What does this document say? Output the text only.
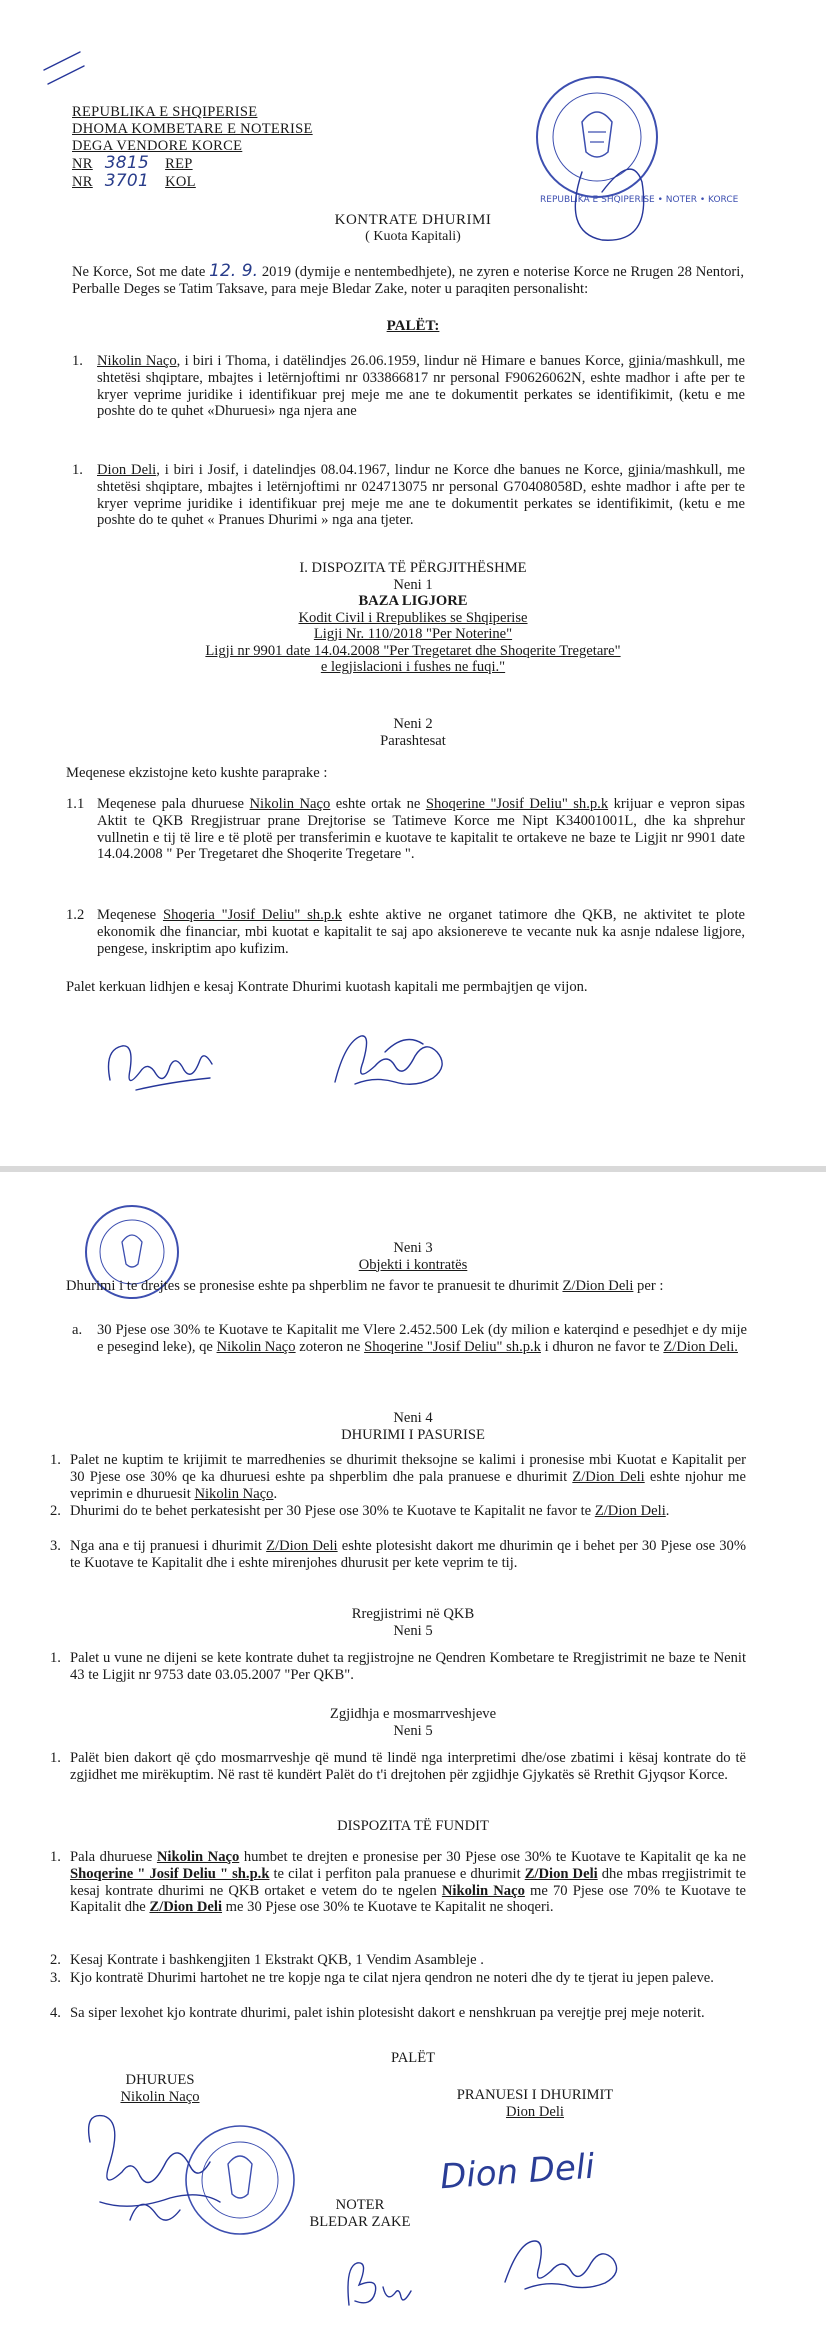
REPUBLIKA E SHQIPERISE
DHOMA KOMBETARE E NOTERISE
DEGA VENDORE KORCE
NR 3815 REP
NR 3701 KOL
REPUBLIKA E SHQIPERISE • NOTER • KORCE
KONTRATE DHURIMI
( Kuota Kapitali)
Ne Korce, Sot me date 12. 9. 2019 (dymije e nentembedhjete), ne zyren e noterise Korce ne Rrugen 28 Nentori, Perballe Deges se Tatim Taksave, para meje Bledar Zake, noter u paraqiten personalisht:
PALËT:
1. Nikolin Naço, i biri i Thoma, i datëlindjes 26.06.1959, lindur në Himare e banues Korce, gjinia/mashkull, me shtetësi shqiptare, mbajtes i letërnjoftimi nr 033866817 nr personal F90626062N, eshte madhor i afte per te kryer veprime juridike i identifikuar prej meje me ane te dokumentit perkates se identifikimit, (ketu e me poshte do te quhet «Dhuruesi» nga njera ane
1. Dion Deli, i biri i Josif, i datelindjes 08.04.1967, lindur ne Korce dhe banues ne Korce, gjinia/mashkull, me shtetësi shqiptare, mbajtes i letërnjoftimi nr 024713075 nr personal G70408058D, eshte madhor i afte per te kryer veprime juridike i identifikuar prej meje me ane te dokumentit perkates se identifikimit, (ketu e me poshte do te quhet « Pranues Dhurimi » nga ana tjeter.
I. DISPOZITA TË PËRGJITHËSHME
Neni 1
BAZA LIGJORE
Kodit Civil i Rrepublikes se Shqiperise
Ligji Nr. 110/2018 "Per Noterine"
Ligji nr 9901 date 14.04.2008 "Per Tregetaret dhe Shoqerite Tregetare"
e legjislacioni i fushes ne fuqi."
Neni 2
Parashtesat
Meqenese ekzistojne keto kushte paraprake :
1.1 Meqenese pala dhuruese Nikolin Naço eshte ortak ne Shoqerine "Josif Deliu" sh.p.k krijuar e vepron sipas Aktit te QKB Rregjistruar prane Drejtorise se Tatimeve Korce me Nipt K34001001L, dhe ka shprehur vullnetin e tij të lire e të plotë per transferimin e kuotave te kapitalit te ortakeve ne baze te Ligjit nr 9901 date 14.04.2008 " Per Tregetaret dhe Shoqerite Tregetare ".
1.2 Meqenese Shoqeria "Josif Deliu" sh.p.k eshte aktive ne organet tatimore dhe QKB, ne aktivitet te plote ekonomik dhe financiar, mbi kuotat e kapitalit te saj apo aksionereve te vecante nuk ka asnje ndalese ligjore, pengese, inskriptim apo kufizim.
Palet kerkuan lidhjen e kesaj Kontrate Dhurimi kuotash kapitali me permbajtjen qe vijon.
Neni 3
Objekti i kontratës
Dhurimi i te drejtes se pronesise eshte pa shperblim ne favor te pranuesit te dhurimit Z/Dion Deli per :
a. 30 Pjese ose 30% te Kuotave te Kapitalit me Vlere 2.452.500 Lek (dy milion e katerqind e pesedhjet e dy mije e pesegind leke), qe Nikolin Naço zoteron ne Shoqerine "Josif Deliu" sh.p.k i dhuron ne favor te Z/Dion Deli.
Neni 4
DHURIMI I PASURISE
1. Palet ne kuptim te krijimit te marredhenies se dhurimit theksojne se kalimi i pronesise mbi Kuotat e Kapitalit per 30 Pjese ose 30% qe ka dhuruesi eshte pa shperblim dhe pala pranuese e dhurimit Z/Dion Deli eshte njohur me veprimin e dhuruesit Nikolin Naço.
2. Dhurimi do te behet perkatesisht per 30 Pjese ose 30% te Kuotave te Kapitalit ne favor te Z/Dion Deli.
3. Nga ana e tij pranuesi i dhurimit Z/Dion Deli eshte plotesisht dakort me dhurimin qe i behet per 30 Pjese ose 30% te Kuotave te Kapitalit dhe i eshte mirenjohes dhurusit per kete veprim te tij.
Rregjistrimi në QKB
Neni 5
1. Palet u vune ne dijeni se kete kontrate duhet ta regjistrojne ne Qendren Kombetare te Rregjistrimit ne baze te Nenit 43 te Ligjit nr 9753 date 03.05.2007 "Per QKB".
Zgjidhja e mosmarrveshjeve
Neni 5
1. Palët bien dakort që çdo mosmarrveshje që mund të lindë nga interpretimi dhe/ose zbatimi i kësaj kontrate do të zgjidhet me mirëkuptim. Në rast të kundërt Palët do t'i drejtohen për zgjidhje Gjykatës së Rrethit Gjyqsor Korce.
DISPOZITA TË FUNDIT
1. Pala dhuruese Nikolin Naço humbet te drejten e pronesise per 30 Pjese ose 30% te Kuotave te Kapitalit qe ka ne Shoqerine " Josif Deliu " sh.p.k te cilat i perfiton pala pranuese e dhurimit Z/Dion Deli dhe mbas rregjistrimit te kesaj kontrate dhurimi ne QKB ortaket e vetem do te ngelen Nikolin Naço me 70 Pjese ose 70% te Kuotave te Kapitalit dhe Z/Dion Deli me 30 Pjese ose 30% te Kuotave te Kapitalit ne shoqeri.
2. Kesaj Kontrate i bashkengjiten 1 Ekstrakt QKB, 1 Vendim Asambleje .
3. Kjo kontratë Dhurimi hartohet ne tre kopje nga te cilat njera qendron ne noteri dhe dy te tjerat iu jepen paleve.
4. Sa siper lexohet kjo kontrate dhurimi, palet ishin plotesisht dakort e nenshkruan pa verejtje prej meje noterit.
PALËT
DHURUES
Nikolin Naço	PRANUESI I DHURIMIT
Dion Deli
Dion Deli
NOTER
BLEDAR ZAKE
